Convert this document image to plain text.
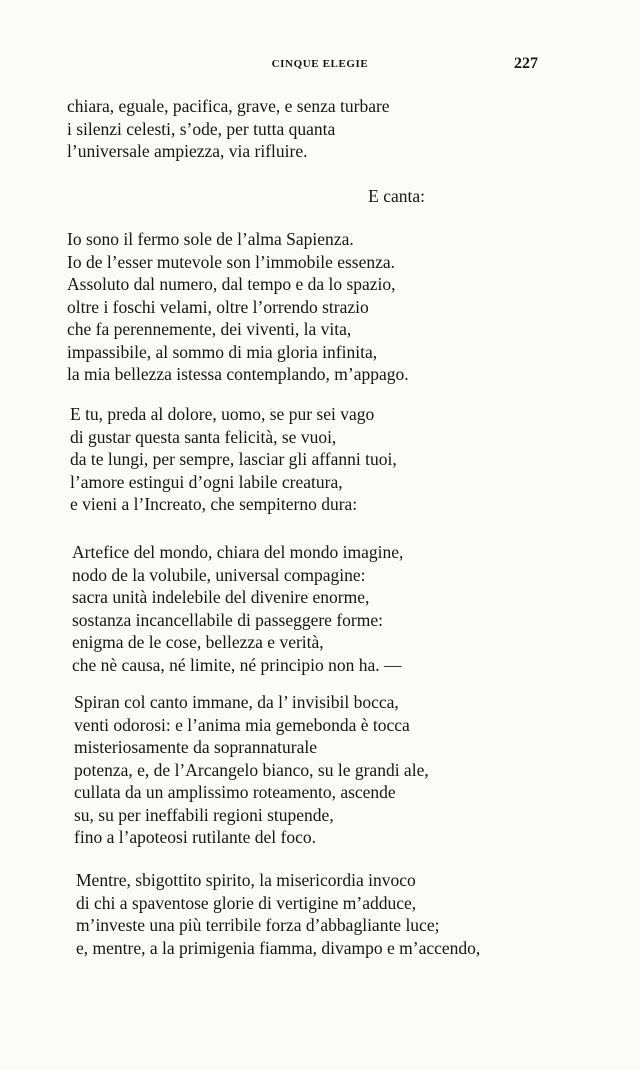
CINQUE ELEGIE	227
chiara, eguale, pacifica, grave, e senza turbare
i silenzi celesti, s’ode, per tutta quanta
l’universale ampiezza, via rifluire.
E canta:
Io sono il fermo sole de l’alma Sapienza.
Io de l’esser mutevole son l’immobile essenza.
Assoluto dal numero, dal tempo e da lo spazio,
oltre i foschi velami, oltre l’orrendo strazio
che fa perennemente, dei viventi, la vita,
impassibile, al sommo di mia gloria infinita,
la mia bellezza istessa contemplando, m’appago.
E tu, preda al dolore, uomo, se pur sei vago
di gustar questa santa felicità, se vuoi,
da te lungi, per sempre, lasciar gli affanni tuoi,
l’amore estingui d’ogni labile creatura,
e vieni a l’Increato, che sempiterno dura:
Artefice del mondo, chiara del mondo imagine,
nodo de la volubile, universal compagine:
sacra unità indelebile del divenire enorme,
sostanza incancellabile di passeggere forme:
enigma de le cose, bellezza e verità,
che nè causa, né limite, né principio non ha. —
Spiran col canto immane, da l’ invisibil bocca,
venti odorosi: e l’anima mia gemebonda è tocca
misteriosamente da soprannaturale
potenza, e, de l’Arcangelo bianco, su le grandi ale,
cullata da un amplissimo roteamento, ascende
su, su per ineffabili regioni stupende,
fino a l’apoteosi rutilante del foco.
Mentre, sbigottito spirito, la misericordia invoco
di chi a spaventose glorie di vertigine m’adduce,
m’investe una più terribile forza d’abbagliante luce;
e, mentre, a la primigenia fiamma, divampo e m’accendo,
